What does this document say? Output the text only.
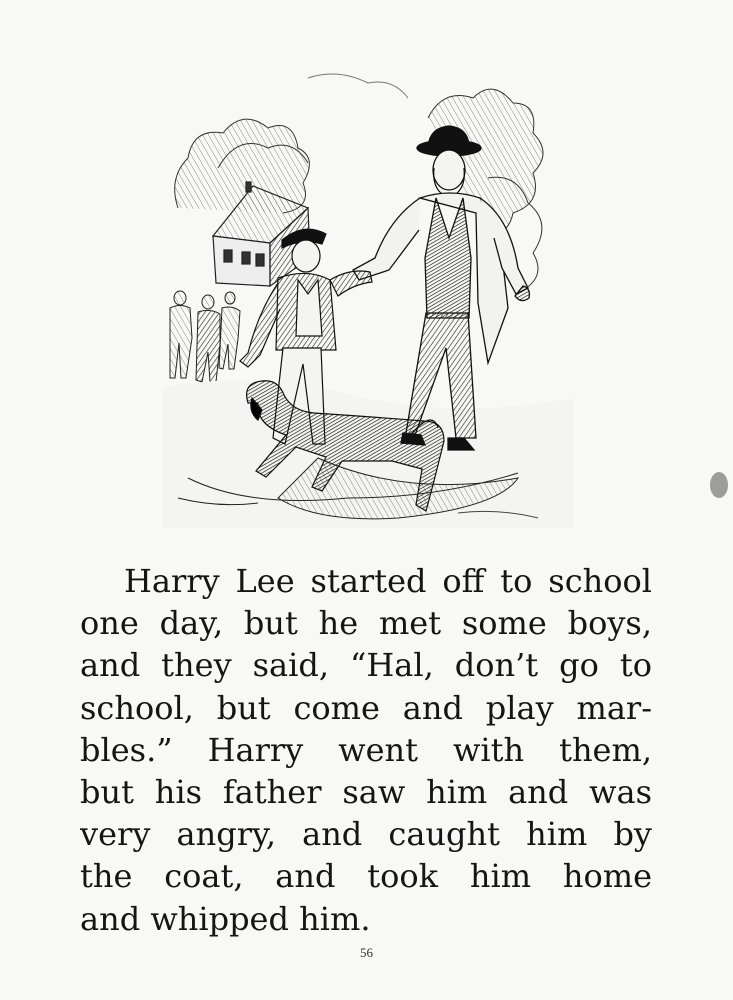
Harry Lee started off to school
one day, but he met some boys,
and they said, “Hal, don’t go to
school, but come and play mar-
bles.” Harry went with them,
but his father saw him and was
very angry, and caught him by
the coat, and took him home
and whipped him.
56
